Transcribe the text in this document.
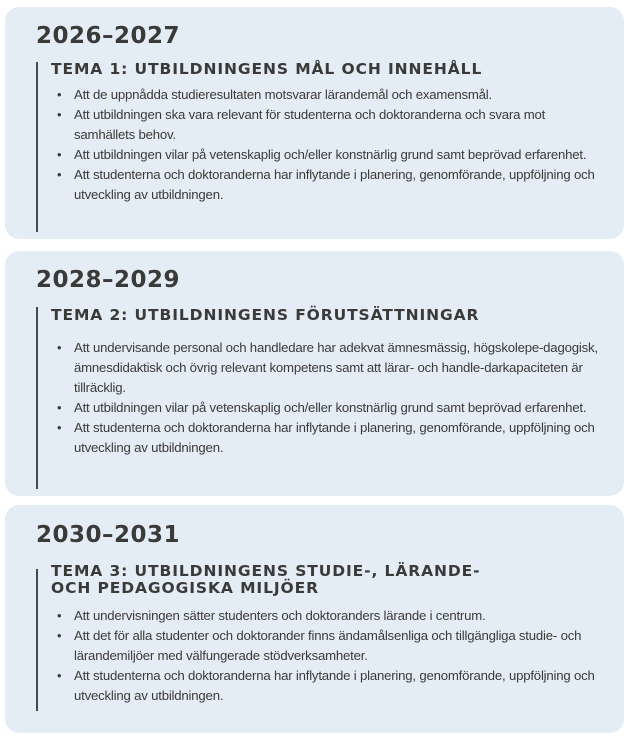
2026–2027
TEMA 1: UTBILDNINGENS MÅL OCH INNEHÅLL
• Att de uppnådda studieresultaten motsvarar lärandemål och examensmål.
• Att utbildningen ska vara relevant för studenterna och doktoranderna och svara mot samhällets behov.
• Att utbildningen vilar på vetenskaplig och/eller konstnärlig grund samt beprövad erfarenhet.
• Att studenterna och doktoranderna har inflytande i planering, genomförande, uppföljning och utveckling av utbildningen.
2028–2029
TEMA 2: UTBILDNINGENS FÖRUTSÄTTNINGAR
• Att undervisande personal och handledare har adekvat ämnesmässig, högskolepe-dagogisk, ämnesdidaktisk och övrig relevant kompetens samt att lärar- och handle-darkapaciteten är tillräcklig.
• Att utbildningen vilar på vetenskaplig och/eller konstnärlig grund samt beprövad erfarenhet.
• Att studenterna och doktoranderna har inflytande i planering, genomförande, uppföljning och utveckling av utbildningen.
2030–2031
TEMA 3: UTBILDNINGENS STUDIE-, LÄRANDE- OCH PEDAGOGISKA MILJÖER
• Att undervisningen sätter studenters och doktoranders lärande i centrum.
• Att det för alla studenter och doktorander finns ändamålsenliga och tillgängliga studie- och lärandemiljöer med välfungerade stödverksamheter.
• Att studenterna och doktoranderna har inflytande i planering, genomförande, uppföljning och utveckling av utbildningen.
